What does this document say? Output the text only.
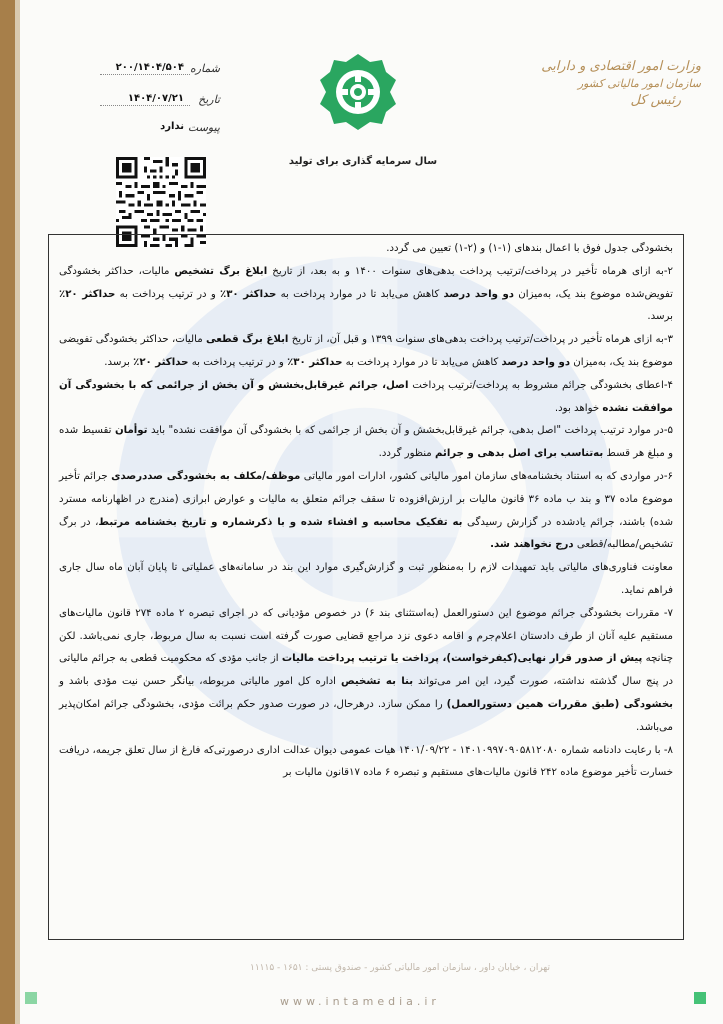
وزارت امور اقتصادی و دارایی
سازمان امور مالیاتی کشور
رئیس کل
سال سرمایه گذاری برای تولید
شماره
۲۰۰/۱۴۰۴/۵۰۴
تاریخ
۱۴۰۴/۰۷/۲۱
پیوست
ندارد

بخشودگی جدول فوق با اعمال بندهای (۱-۱) و (۲-۱) تعیین می گردد.

۲-به ازای هرماه تأخیر در پرداخت/ترتیب پرداخت بدهی‌های سنوات ۱۴۰۰ و به بعد، از تاریخ ابلاغ برگ تشخیص مالیات، حداکثر بخشودگی تفویض‌شده موضوع بند یک، به‌میزان دو واحد درصد کاهش می‌یابد تا در موارد پرداخت به حداکثر ۳۰٪ و در ترتیب پرداخت به حداکثر ۲۰٪ برسد.

۳-به ازای هرماه تأخیر در پرداخت/ترتیب پرداخت بدهی‌های سنوات ۱۳۹۹ و قبل آن، از تاریخ ابلاغ برگ قطعی مالیات، حداکثر بخشودگی تفویضی موضوع بند یک، به‌میزان دو واحد درصد کاهش می‌یابد تا در موارد پرداخت به حداکثر ۳۰٪ و در ترتیب پرداخت به حداکثر ۲۰٪ برسد.

۴-اعطای بخشودگی جرائم مشروط به پرداخت/ترتیب پرداخت اصل، جرائم غیرقابل‌بخشش و آن بخش از جرائمی که با بخشودگی آن موافقت نشده خواهد بود.

۵-در موارد ترتیب پرداخت "اصل بدهی، جرائم غیرقابل‌بخشش و آن بخش از جرائمی که با بخشودگی آن موافقت نشده" باید توأمان تقسیط شده و مبلغ هر قسط به‌تناسب برای اصل بدهی و جرائم منظور گردد.

۶-در مواردی که به استناد بخشنامه‌های سازمان امور مالیاتی کشور، ادارات امور مالیاتی موظف/مکلف به بخشودگی صددرصدی جرائم تأخیر موضوع ماده ۳۷ و بند ب ماده ۳۶ قانون مالیات بر ارزش‌افزوده تا سقف جرائم متعلق به مالیات و عوارض ابرازی (مندرج در اظهارنامه مسترد شده) باشند، جرائم یادشده در گزارش رسیدگی به تفکیک محاسبه و افشاء شده و با ذکرشماره و تاریخ بخشنامه مرتبط، در برگ تشخیص/مطالبه/قطعی درج نخواهند شد.

معاونت فناوری‌های مالیاتی باید تمهیدات لازم را به‌منظور ثبت و گزارش‌گیری موارد این بند در سامانه‌های عملیاتی تا پایان آبان ماه سال جاری فراهم نماید.

۷- مقررات بخشودگی جرائم موضوع این دستورالعمل (به‌استثنای بند ۶) در خصوص مؤدیانی که در اجرای تبصره ۲ ماده ۲۷۴ قانون مالیات‌های مستقیم علیه آنان از طرف دادستان اعلام‌جرم و اقامه دعوی نزد مراجع قضایی صورت گرفته است نسبت به سال مربوط، جاری نمی‌باشد. لکن چنانچه پیش از صدور قرار نهایی(کیفرخواست)، پرداخت یا ترتیب پرداخت مالیات از جانب مؤدی که محکومیت قطعی به جرائم مالیاتی در پنج سال گذشته نداشته، صورت گیرد، این امر می‌تواند بنا به تشخیص اداره کل امور مالیاتی مربوطه، بیانگر حسن نیت مؤدی باشد و بخشودگی (طبق مقررات همین دستورالعمل) را ممکن سازد. درهرحال، در صورت صدور حکم برائت مؤدی، بخشودگی جرائم امکان‌پذیر می‌باشد.

۸- با رعایت دادنامه شماره ۱۴۰۱۰۹۹۷۰۹۰۵۸۱۲۰۸۰ - ۱۴۰۱/۰۹/۲۲ هیات عمومی دیوان عدالت اداری درصورتی‌که فارغ از سال تعلق جریمه، دریافت خسارت تأخیر موضوع ماده ۲۴۲ قانون مالیات‌های مستقیم و تبصره ۶ ماده ۱۷قانون مالیات بر

تهران ، خیابان داور ، سازمان امور مالیاتی کشور - صندوق پستی : ۱۶۵۱ - ۱۱۱۱۵
www.intamedia.ir
